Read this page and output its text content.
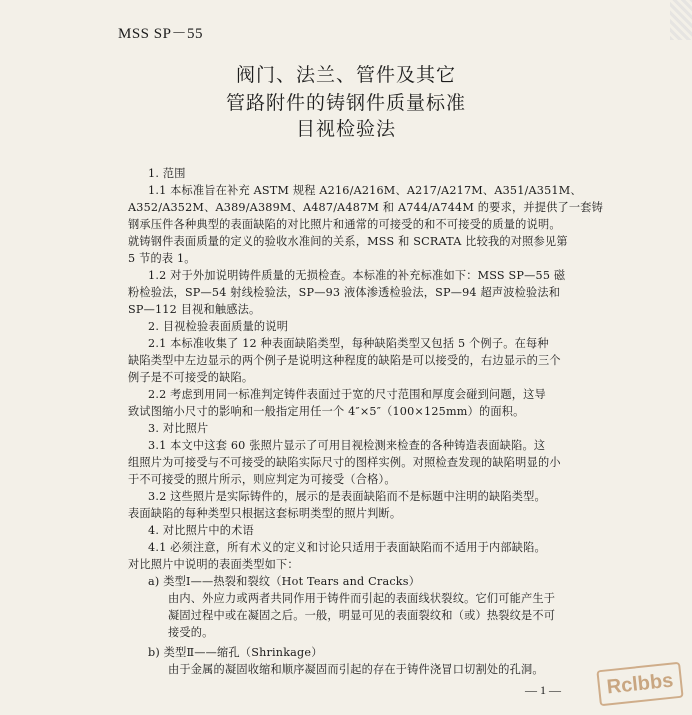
MSS SP－55
阀门、法兰、管件及其它
管路附件的铸钢件质量标准
目视检验法
1. 范围
1.1 本标准旨在补充 ASTM 规程 A216/A216M、A217/A217M、A351/A351M、
A352/A352M、A389/A389M、A487/A487M 和 A744/A744M 的要求，并提供了一套铸
钢承压件各种典型的表面缺陷的对比照片和通常的可接受的和不可接受的质量的说明。
就铸钢件表面质量的定义的验收水准间的关系，MSS 和 SCRATA 比较我的对照参见第
5 节的表 1。
1.2 对于外加说明铸件质量的无损检查。本标准的补充标准如下：MSS SP—55 磁
粉检验法，SP—54 射线检验法，SP—93 液体渗透检验法，SP—94 超声波检验法和
SP—112 目视和触感法。
2. 目视检验表面质量的说明
2.1 本标准收集了 12 种表面缺陷类型，每种缺陷类型又包括 5 个例子。在每种
缺陷类型中左边显示的两个例子是说明这种程度的缺陷是可以接受的，右边显示的三个
例子是不可接受的缺陷。
2.2 考虑到用同一标准判定铸件表面过于宽的尺寸范围和厚度会碰到问题，这导
致试图缩小尺寸的影响和一般指定用任一个 4″×5″（100×125mm）的面积。
3. 对比照片
3.1 本文中这套 60 张照片显示了可用目视检测来检查的各种铸造表面缺陷。这
组照片为可接受与不可接受的缺陷实际尺寸的图样实例。对照检查发现的缺陷明显的小
于不可接受的照片所示，则应判定为可接受（合格）。
3.2 这些照片是实际铸件的，展示的是表面缺陷而不是标题中注明的缺陷类型。
表面缺陷的每种类型只根据这套标明类型的照片判断。
4. 对比照片中的术语
4.1 必须注意，所有术义的定义和讨论只适用于表面缺陷而不适用于内部缺陷。
对比照片中说明的表面类型如下：
a) 类型Ⅰ——热裂和裂纹（Hot Tears and Cracks）
由内、外应力或两者共同作用于铸件而引起的表面线状裂纹。它们可能产生于
凝固过程中或在凝固之后。一般，明显可见的表面裂纹和（或）热裂纹是不可
接受的。
b) 类型Ⅱ——缩孔（Shrinkage）
由于金属的凝固收缩和顺序凝固而引起的存在于铸件浇冒口切割处的孔洞。
— 1 —	Rclbbs
